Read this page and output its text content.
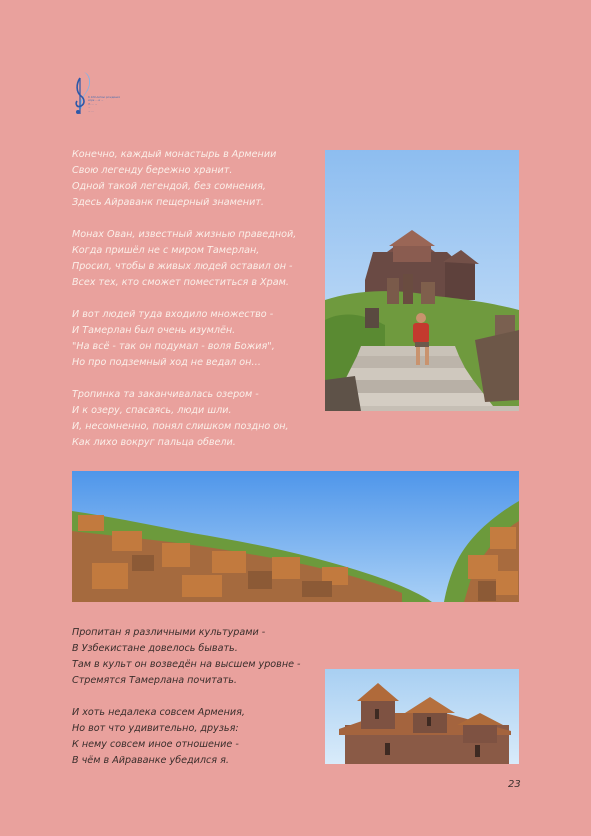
К 100-летию рождения
хора ... и ...
Л. ... ...
...
... ...
Конечно, каждый монастырь в Армении
Свою легенду бережно хранит.
Одной такой легендой, без сомнения,
Здесь Айраванк пещерный знаменит.
Монах Ован, известный жизнью праведной,
Когда пришёл не с миром Тамерлан,
Просил, чтобы в живых людей оставил он -
Всех тех, кто сможет поместиться в Храм.
И вот людей туда входило множество -
И Тамерлан был очень изумлён.
"На всё - так он подумал - воля Божия",
Но про подземный ход не ведал он…
Тропинка та заканчивалась озером -
И к озеру, спасаясь, люди шли.
И, несомненно, понял слишком поздно он,
Как лихо вокруг пальца обвели.
Пропитан я различными культурами -
В Узбекистане довелось бывать.
Там в культ он возведён на высшем уровне -
Стремятся Тамерлана почитать.
И хоть недалека совсем Армения,
Но вот что удивительно, друзья:
К нему совсем иное отношение -
В чём в Айраванке убедился я.
23
